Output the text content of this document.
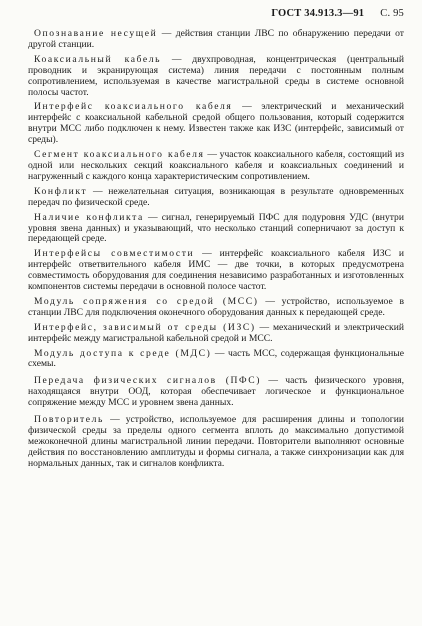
ГОСТ 34.913.3—91 С. 95

Опознавание несущей — действия станции ЛВС по обнаружению передачи от другой станции.

Коаксиальный кабель — двухпроводная, концентрическая (центральный проводник и экранирующая система) линия передачи с постоянным полным сопротивлением, используемая в качестве магистральной среды в системе основной полосы частот.

Интерфейс коаксиального кабеля — электрический и механический интерфейс с коаксиальной кабельной средой общего пользования, который содержится внутри МСС либо подключен к нему. Известен также как ИЗС (интерфейс, зависимый от среды).

Сегмент коаксиального кабеля — участок коаксиального кабеля, состоящий из одной или нескольких секций коаксиального кабеля и коаксиальных соединений и нагруженный с каждого конца характеристическим сопротивлением.

Конфликт — нежелательная ситуация, возникающая в результате одновременных передач по физической среде.

Наличие конфликта — сигнал, генерируемый ПФС для подуровня УДС (внутри уровня звена данных) и указывающий, что несколько станций соперничают за доступ к передающей среде.

Интерфейсы совместимости — интерфейс коаксиального кабеля ИЗС и интерфейс ответвительного кабеля ИМС — две точки, в которых предусмотрена совместимость оборудования для соединения независимо разработанных и изготовленных компонентов системы передачи в основной полосе частот.

Модуль сопряжения со средой (МСС) — устройство, используемое в станции ЛВС для подключения оконечного оборудования данных к передающей среде.

Интерфейс, зависимый от среды (ИЗС) — механический и электрический интерфейс между магистральной кабельной средой и МСС.

Модуль доступа к среде (МДС) — часть МСС, содержащая функциональные схемы.

Передача физических сигналов (ПФС) — часть физического уровня, находящаяся внутри ООД, которая обеспечивает логическое и функциональное сопряжение между МСС и уровнем звена данных.

Повторитель — устройство, используемое для расширения длины и топологии физической среды за пределы одного сегмента вплоть до максимально допустимой межоконечной длины магистральной линии передачи. Повторители выполняют основные действия по восстановлению амплитуды и формы сигнала, а также синхронизации как для нормальных данных, так и сигналов конфликта.
